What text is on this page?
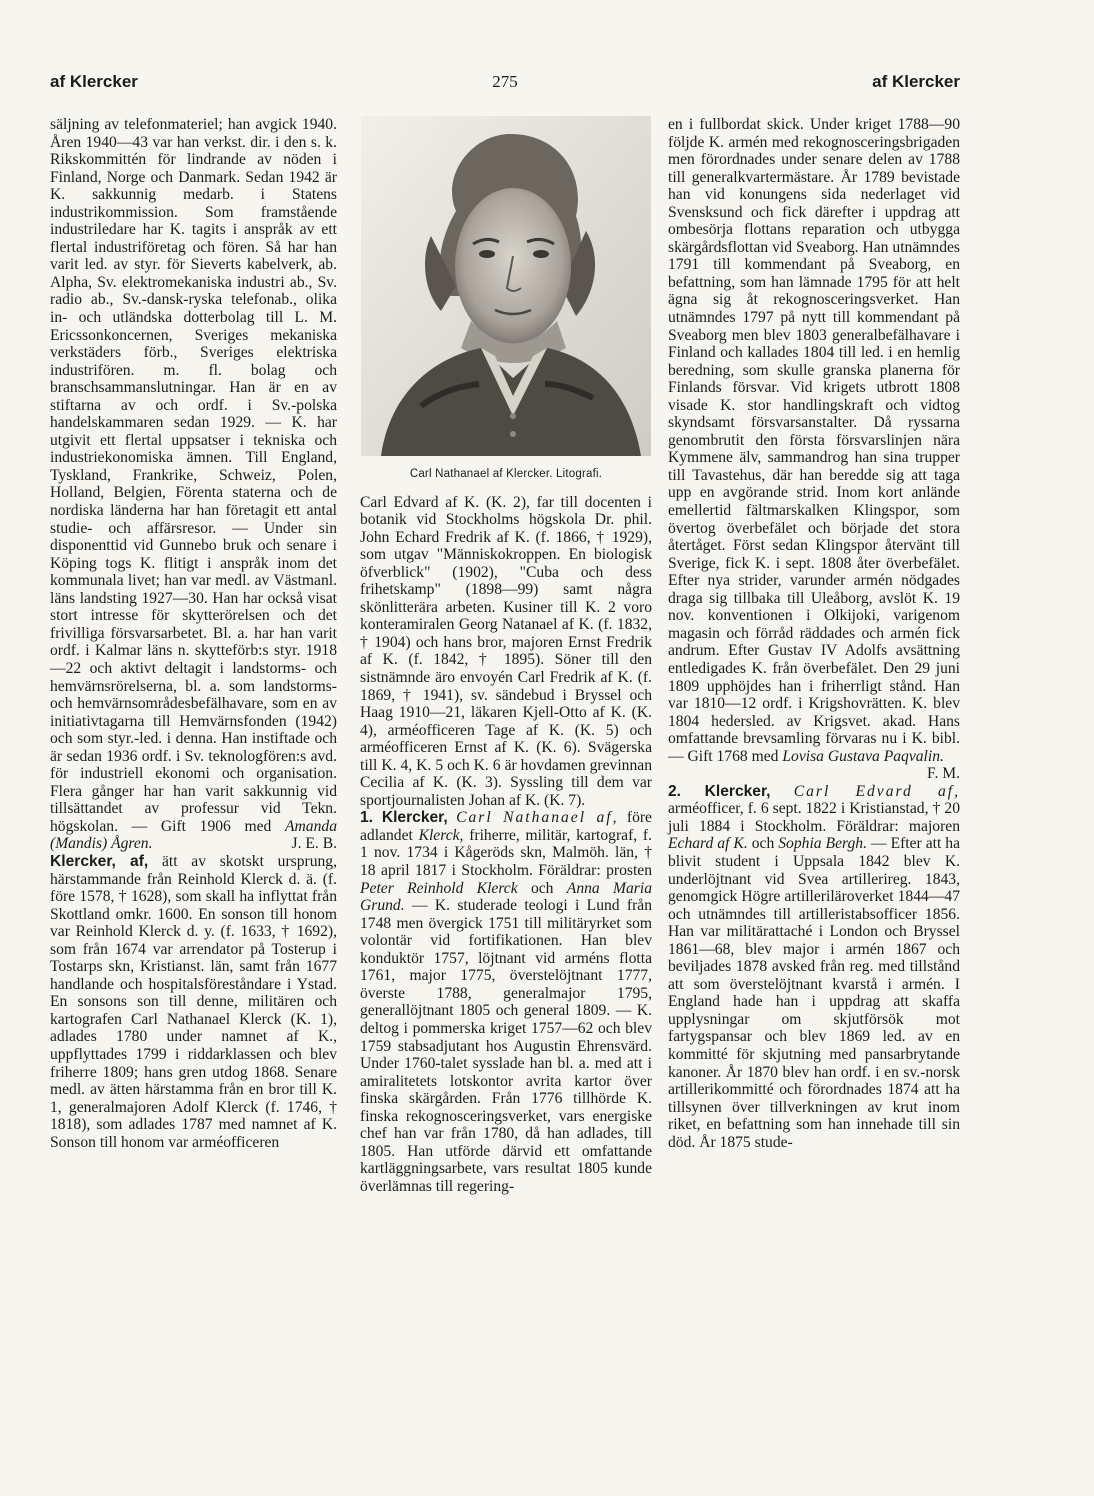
af Klercker	275	af Klercker

säljning av telefonmateriel; han avgick 1940. Åren 1940—43 var han verkst. dir. i den s. k. Rikskommittén för lindrande av nöden i Finland, Norge och Danmark. Sedan 1942 är K. sakkunnig medarb. i Statens industrikommission. Som framstående industriledare har K. tagits i anspråk av ett flertal industriföretag och fören. Så har han varit led. av styr. för Sieverts kabelverk, ab. Alpha, Sv. elektromekaniska industri ab., Sv. radio ab., Sv.-dansk-ryska telefonab., olika in- och utländska dotterbolag till L. M. Ericssonkoncernen, Sveriges mekaniska verkstäders förb., Sveriges elektriska industrifören. m. fl. bolag och branschsammanslutningar. Han är en av stiftarna av och ordf. i Sv.-polska handelskammaren sedan 1929. — K. har utgivit ett flertal uppsatser i tekniska och industriekonomiska ämnen. Till England, Tyskland, Frankrike, Schweiz, Polen, Holland, Belgien, Förenta staterna och de nordiska länderna har han företagit ett antal studie- och affärsresor. — Under sin disponenttid vid Gunnebo bruk och senare i Köping togs K. flitigt i anspråk inom det kommunala livet; han var medl. av Västmanl. läns landsting 1927—30. Han har också visat stort intresse för skytterörelsen och det frivilliga försvarsarbetet. Bl. a. har han varit ordf. i Kalmar läns n. skytteförb:s styr. 1918—22 och aktivt deltagit i landstorms- och hemvärnsrörelserna, bl. a. som landstorms- och hemvärnsområdesbefälhavare, som en av initiativtagarna till Hemvärnsfonden (1942) och som styr.-led. i denna. Han instiftade och är sedan 1936 ordf. i Sv. teknologfören:s avd. för industriell ekonomi och organisation. Flera gånger har han varit sakkunnig vid tillsättandet av professur vid Tekn. högskolan. — Gift 1906 med Amanda (Mandis) Ågren.	J. E. B.

Klercker, af, ätt av skotskt ursprung, härstammande från Reinhold Klerck d. ä. (f. före 1578, † 1628), som skall ha inflyttat från Skottland omkr. 1600. En sonson till honom var Reinhold Klerck d. y. (f. 1633, † 1692), som från 1674 var arrendator på Tosterup i Tostarps skn, Kristianst. län, samt från 1677 handlande och hospitalsföreståndare i Ystad. En sonsons son till denne, militären och kartografen Carl Nathanael Klerck (K. 1), adlades 1780 under namnet af K., uppflyttades 1799 i riddarklassen och blev friherre 1809; hans gren utdog 1868. Senare medl. av ätten härstamma från en bror till K. 1, generalmajoren Adolf Klerck (f. 1746, † 1818), som adlades 1787 med namnet af K. Sonson till honom var arméofficeren

Carl Nathanael af Klercker. Litografi.

Carl Edvard af K. (K. 2), far till docenten i botanik vid Stockholms högskola Dr. phil. John Echard Fredrik af K. (f. 1866, † 1929), som utgav "Människokroppen. En biologisk öfverblick" (1902), "Cuba och dess frihetskamp" (1898—99) samt några skönlitterära arbeten. Kusiner till K. 2 voro konteramiralen Georg Natanael af K. (f. 1832, † 1904) och hans bror, majoren Ernst Fredrik af K. (f. 1842, † 1895). Söner till den sistnämnde äro envoyén Carl Fredrik af K. (f. 1869, † 1941), sv. sändebud i Bryssel och Haag 1910—21, läkaren Kjell-Otto af K. (K. 4), arméofficeren Tage af K. (K. 5) och arméofficeren Ernst af K. (K. 6). Svägerska till K. 4, K. 5 och K. 6 är hovdamen grevinnan Cecilia af K. (K. 3). Syssling till dem var sportjournalisten Johan af K. (K. 7).

1. Klercker, Carl Nathanael af, före adlandet Klerck, friherre, militär, kartograf, f. 1 nov. 1734 i Kågeröds skn, Malmöh. län, † 18 april 1817 i Stockholm. Föräldrar: prosten Peter Reinhold Klerck och Anna Maria Grund. — K. studerade teologi i Lund från 1748 men övergick 1751 till militäryrket som volontär vid fortifikationen. Han blev konduktör 1757, löjtnant vid arméns flotta 1761, major 1775, överstelöjtnant 1777, överste 1788, generalmajor 1795, generallöjtnant 1805 och general 1809. — K. deltog i pommerska kriget 1757—62 och blev 1759 stabsadjutant hos Augustin Ehrensvärd. Under 1760-talet sysslade han bl. a. med att i amiralitetets lotskontor avrita kartor över finska skärgården. Från 1776 tillhörde K. finska rekognosceringsverket, vars energiske chef han var från 1780, då han adlades, till 1805. Han utförde därvid ett omfattande kartläggningsarbete, vars resultat 1805 kunde överlämnas till regering-

en i fullbordat skick. Under kriget 1788—90 följde K. armén med rekognosceringsbrigaden men förordnades under senare delen av 1788 till generalkvartermästare. År 1789 bevistade han vid konungens sida nederlaget vid Svensksund och fick därefter i uppdrag att ombesörja flottans reparation och utbygga skärgårdsflottan vid Sveaborg. Han utnämndes 1791 till kommendant på Sveaborg, en befattning, som han lämnade 1795 för att helt ägna sig åt rekognosceringsverket. Han utnämndes 1797 på nytt till kommendant på Sveaborg men blev 1803 generalbefälhavare i Finland och kallades 1804 till led. i en hemlig beredning, som skulle granska planerna för Finlands försvar. Vid krigets utbrott 1808 visade K. stor handlingskraft och vidtog skyndsamt försvarsanstalter. Då ryssarna genombrutit den första försvarslinjen nära Kymmene älv, sammandrog han sina trupper till Tavastehus, där han beredde sig att taga upp en avgörande strid. Inom kort anlände emellertid fältmarskalken Klingspor, som övertog överbefälet och började det stora återtåget. Först sedan Klingspor återvänt till Sverige, fick K. i sept. 1808 åter överbefälet. Efter nya strider, varunder armén nödgades draga sig tillbaka till Uleåborg, avslöt K. 19 nov. konventionen i Olkijoki, varigenom magasin och förråd räddades och armén fick andrum. Efter Gustav IV Adolfs avsättning entledigades K. från överbefälet. Den 29 juni 1809 upphöjdes han i friherrligt stånd. Han var 1810—12 ordf. i Krigshovrätten. K. blev 1804 hedersled. av Krigsvet. akad. Hans omfattande brevsamling förvaras nu i K. bibl. — Gift 1768 med Lovisa Gustava Paqvalin.
F. M.

2. Klercker, Carl Edvard af, arméofficer, f. 6 sept. 1822 i Kristianstad, † 20 juli 1884 i Stockholm. Föräldrar: majoren Echard af K. och Sophia Bergh. — Efter att ha blivit student i Uppsala 1842 blev K. underlöjtnant vid Svea artillerireg. 1843, genomgick Högre artilleriläroverket 1844—47 och utnämndes till artilleristabsofficer 1856. Han var militärattaché i London och Bryssel 1861—68, blev major i armén 1867 och beviljades 1878 avsked från reg. med tillstånd att som överstelöjtnant kvarstå i armén. I England hade han i uppdrag att skaffa upplysningar om skjutförsök mot fartygspansar och blev 1869 led. av en kommitté för skjutning med pansarbrytande kanoner. År 1870 blev han ordf. i en sv.-norsk artillerikommitté och förordnades 1874 att ha tillsynen över tillverkningen av krut inom riket, en befattning som han innehade till sin död. År 1875 stude-
